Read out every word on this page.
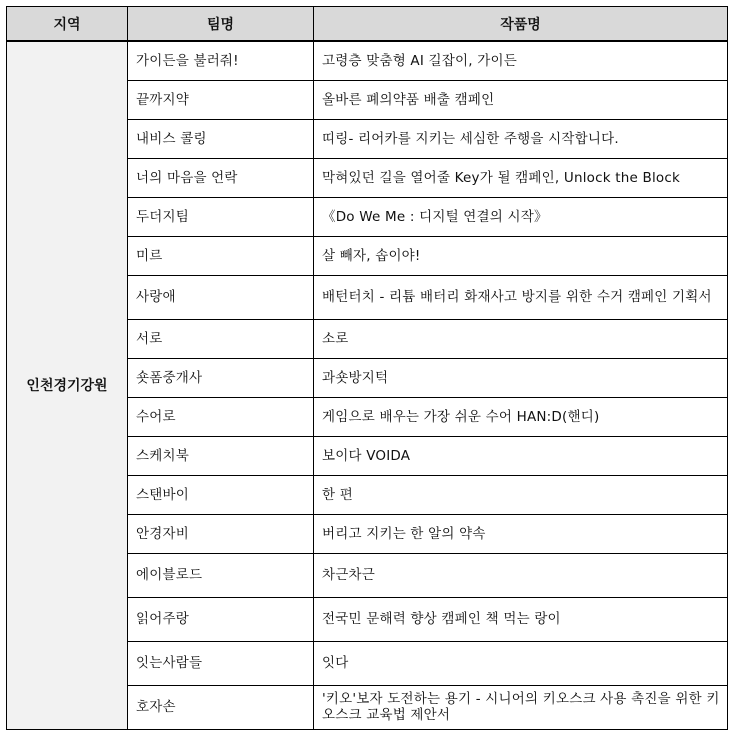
지역	팀명	작품명
인천경기강원	가이든을 불러줘!	고령층 맞춤형 AI 길잡이, 가이든
	끝까지약	올바른 폐의약품 배출 캠페인
	내비스 콜링	띠링- 리어카를 지키는 세심한 주행을 시작합니다.
	너의 마음을 언락	막혀있던 길을 열어줄 Key가 될 캠페인, Unlock the Block
	두더지팀	《Do We Me : 디지털 연결의 시작》
	미르	살 빼자, 솝이야!
	사랑애	배턴터치 - 리튬 배터리 화재사고 방지를 위한 수거 캠페인 기획서
	서로	소로
	숏폼중개사	과숏방지턱
	수어로	게임으로 배우는 가장 쉬운 수어 HAN:D(핸디)
	스케치북	보이다 VOIDA
	스탠바이	한 편
	안경자비	버리고 지키는 한 알의 약속
	에이블로드	차근차근
	읽어주랑	전국민 문해력 향상 캠페인 책 먹는 랑이
	잇는사람들	잇다
	호자손	'키오'보자 도전하는 용기 - 시니어의 키오스크 사용 촉진을 위한 키오스크 교육법 제안서
